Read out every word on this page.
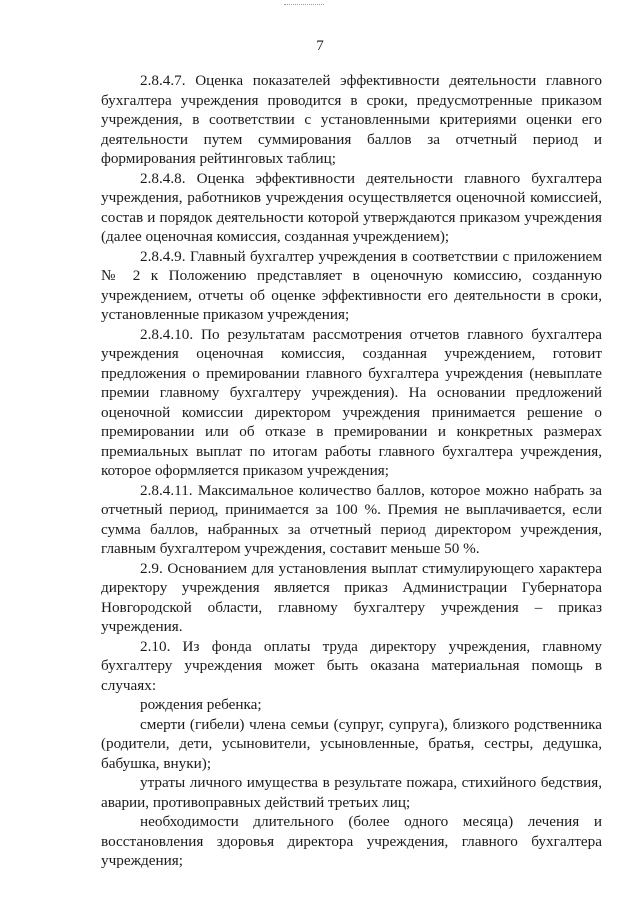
7

2.8.4.7. Оценка показателей эффективности деятельности главного бухгалтера учреждения проводится в сроки, предусмотренные приказом учреждения, в соответствии с установленными критериями оценки его деятельности путем суммирования баллов за отчетный период и формирования рейтинговых таблиц;

2.8.4.8. Оценка эффективности деятельности главного бухгалтера учреждения, работников учреждения осуществляется оценочной комиссией, состав и порядок деятельности которой утверждаются приказом учреждения (далее оценочная комиссия, созданная учреждением);

2.8.4.9. Главный бухгалтер учреждения в соответствии с приложением № 2 к Положению представляет в оценочную комиссию, созданную учреждением, отчеты об оценке эффективности его деятельности в сроки, установленные приказом учреждения;

2.8.4.10. По результатам рассмотрения отчетов главного бухгалтера учреждения оценочная комиссия, созданная учреждением, готовит предложения о премировании главного бухгалтера учреждения (невыплате премии главному бухгалтеру учреждения). На основании предложений оценочной комиссии директором учреждения принимается решение о премировании или об отказе в премировании и конкретных размерах премиальных выплат по итогам работы главного бухгалтера учреждения, которое оформляется приказом учреждения;

2.8.4.11. Максимальное количество баллов, которое можно набрать за отчетный период, принимается за 100 %. Премия не выплачивается, если сумма баллов, набранных за отчетный период директором учреждения, главным бухгалтером учреждения, составит меньше 50 %.

2.9. Основанием для установления выплат стимулирующего характера директору учреждения является приказ Администрации Губернатора Новгородской области, главному бухгалтеру учреждения – приказ учреждения.

2.10. Из фонда оплаты труда директору учреждения, главному бухгалтеру учреждения может быть оказана материальная помощь в случаях:

рождения ребенка;

смерти (гибели) члена семьи (супруг, супруга), близкого родственника (родители, дети, усыновители, усыновленные, братья, сестры, дедушка, бабушка, внуки);

утраты личного имущества в результате пожара, стихийного бедствия, аварии, противоправных действий третьих лиц;

необходимости длительного (более одного месяца) лечения и восстановления здоровья директора учреждения, главного бухгалтера учреждения;
